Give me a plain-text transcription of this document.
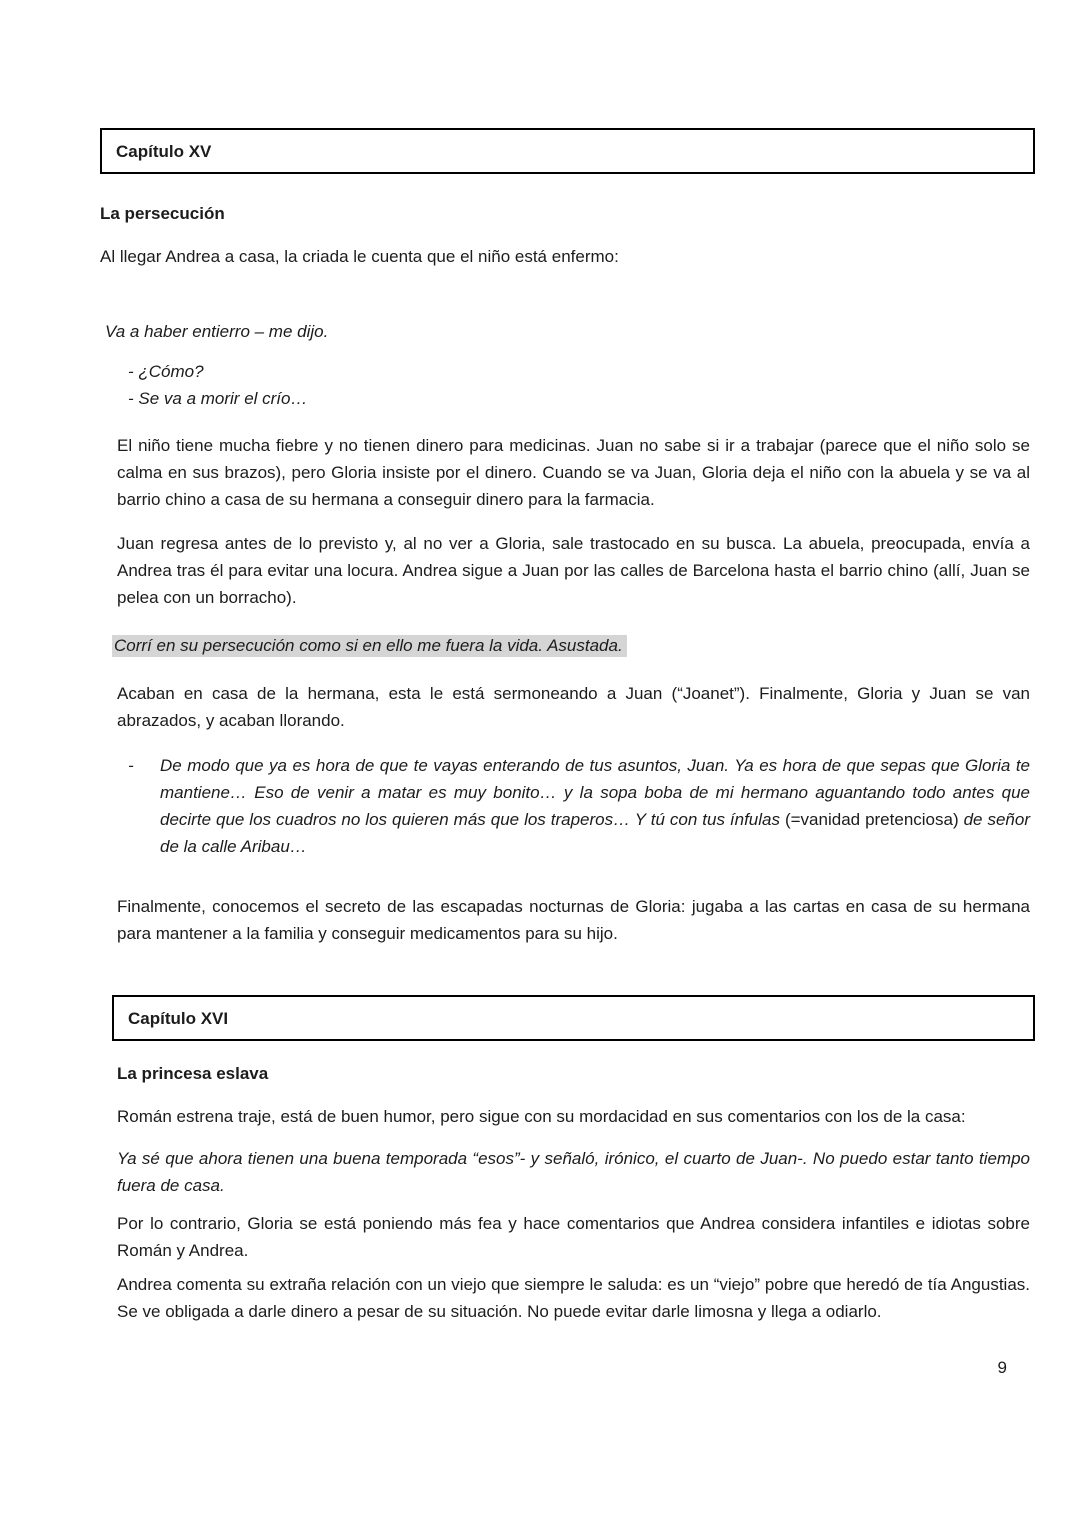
Capítulo XV
La persecución

Al llegar Andrea a casa, la criada le cuenta que el niño está enfermo:

Va a haber entierro – me dijo.

- ¿Cómo?
- Se va a morir el crío…

El niño tiene mucha fiebre y no tienen dinero para medicinas. Juan no sabe si ir a trabajar (parece que el niño solo se calma en sus brazos), pero Gloria insiste por el dinero. Cuando se va Juan, Gloria deja el niño con la abuela y se va al barrio chino a casa de su hermana a conseguir dinero para la farmacia.

Juan regresa antes de lo previsto y, al no ver a Gloria, sale trastocado en su busca. La abuela, preocupada, envía a Andrea tras él para evitar una locura. Andrea sigue a Juan por las calles de Barcelona hasta el barrio chino (allí, Juan se pelea con un borracho).

Corrí en su persecución como si en ello me fuera la vida. Asustada.

Acaban en casa de la hermana, esta le está sermoneando a Juan (“Joanet”). Finalmente, Gloria y Juan se van abrazados, y acaban llorando.

-	De modo que ya es hora de que te vayas enterando de tus asuntos, Juan. Ya es hora de que sepas que Gloria te mantiene… Eso de venir a matar es muy bonito… y la sopa boba de mi hermano aguantando todo antes que decirte que los cuadros no los quieren más que los traperos… Y tú con tus ínfulas (=vanidad pretenciosa) de señor de la calle Aribau…

Finalmente, conocemos el secreto de las escapadas nocturnas de Gloria: jugaba a las cartas en casa de su hermana para mantener a la familia y conseguir medicamentos para su hijo.

Capítulo XVI
La princesa eslava

Román estrena traje, está de buen humor, pero sigue con su mordacidad en sus comentarios con los de la casa:

Ya sé que ahora tienen una buena temporada “esos”- y señaló, irónico, el cuarto de Juan-. No puedo estar tanto tiempo fuera de casa.

Por lo contrario, Gloria se está poniendo más fea y hace comentarios que Andrea considera infantiles e idiotas sobre Román y Andrea.

Andrea comenta su extraña relación con un viejo que siempre le saluda: es un “viejo” pobre que heredó de tía Angustias. Se ve obligada a darle dinero a pesar de su situación. No puede evitar darle limosna y llega a odiarlo.

9
